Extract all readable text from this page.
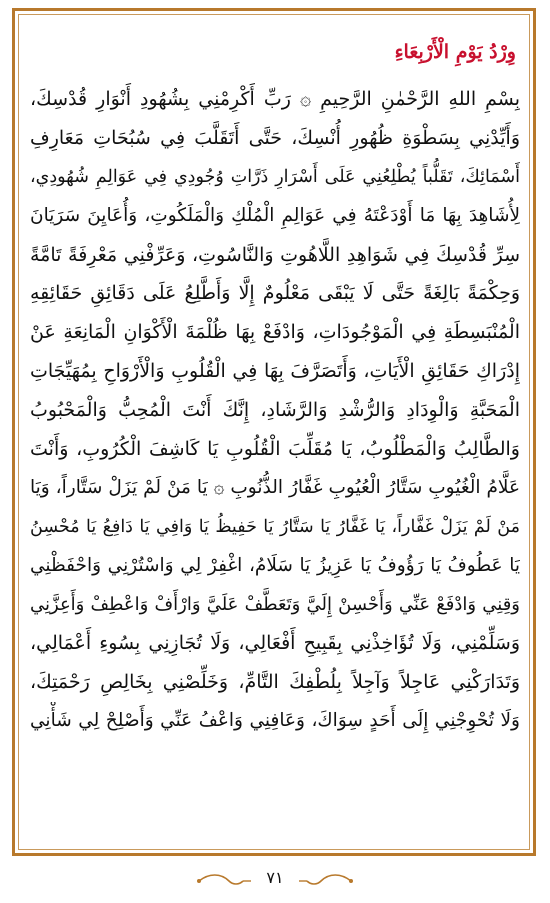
وِرْدُ يَوْمِ الْأَرْبِعَاءِ
بِسْمِ اللهِ الرَّحْمٰنِ الرَّحِيمِ ۞ رَبِّ أَكْرِمْنِي بِشُهُودِ أَنْوَارِ قُدْسِكَ،
وَأَيِّدْنِي بِسَطْوَةِ ظُهُورِ أُنْسِكَ، حَتَّى أَتَقَلَّبَ فِي سُبُحَاتِ مَعَارِفِ
أَسْمَائِكَ، تَقَلُّباً يُطْلِعُنِي عَلَى أَسْرَارِ ذَرَّاتِ وُجُودِي فِي عَوَالِمِ شُهُودِي،
لِأُشَاهِدَ بِهَا مَا أَوْدَعْتَهُ فِي عَوَالِمِ الْمُلْكِ وَالْمَلَكُوتِ، وَأُعَايِنَ سَرَيَانَ
سِرِّ قُدْسِكَ فِي شَوَاهِدِ اللَّاهُوتِ وَالنَّاسُوتِ، وَعَرِّفْنِي مَعْرِفَةً تَامَّةً
وَحِكْمَةً بَالِغَةً حَتَّى لَا يَبْقَى مَعْلُومٌ إِلَّا وَأَطَّلِعُ عَلَى دَقَائِقِ حَقَائِقِهِ
الْمُنْبَسِطَةِ فِي الْمَوْجُودَاتِ، وَادْفَعْ بِهَا ظُلْمَةَ الْأَكْوَانِ الْمَانِعَةِ عَنْ
إِدْرَاكِ حَقَائِقِ الْأَيَاتِ، وَأَتَصَرَّفَ بِهَا فِي الْقُلُوبِ وَالْأَرْوَاحِ بِمُهَيِّجَاتِ
الْمَحَبَّةِ وَالْوِدَادِ وَالرُّشْدِ وَالرَّشَادِ، إِنَّكَ أَنْتَ الْمُحِبُّ وَالْمَحْبُوبُ
وَالطَّالِبُ وَالْمَطْلُوبُ، يَا مُقَلِّبَ الْقُلُوبِ يَا كَاشِفَ الْكُرُوبِ، وَأَنْتَ
عَلَّامُ الْغُيُوبِ سَتَّارُ الْعُيُوبِ غَفَّارُ الذُّنُوبِ ۞ يَا مَنْ لَمْ يَزَلْ سَتَّاراً، وَيَا
مَنْ لَمْ يَزَلْ غَفَّاراً، يَا غَفَّارُ يَا سَتَّارُ يَا حَفِيظُ يَا وَافِي يَا دَافِعُ يَا مُحْسِنُ
يَا عَطُوفُ يَا رَؤُوفُ يَا عَزِيزُ يَا سَلَامُ، اغْفِرْ لِي وَاسْتُرْنِي وَاحْفَظْنِي
وَقِنِي وَادْفَعْ عَنِّي وَأَحْسِنْ إِلَيَّ وَتَعَطَّفْ عَلَيَّ وَارْأَفْ وَاعْطِفْ وَأَعِزَّنِي
وَسَلِّمْنِي، وَلَا تُؤَاخِذْنِي بِقَبِيحِ أَفْعَالِي، وَلَا تُجَازِنِي بِسُوءِ أَعْمَالِي،
وَتَدَارَكْنِي عَاجِلاً وَآجِلاً بِلُطْفِكَ التَّامِّ، وَخَلِّصْنِي بِخَالِصِ رَحْمَتِكَ،
وَلَا تُحْوِجْنِي إِلَى أَحَدٍ سِوَاكَ، وَعَافِنِي وَاعْفُ عَنِّي وَأَصْلِحْ لِي شَأْنِي
٧١
